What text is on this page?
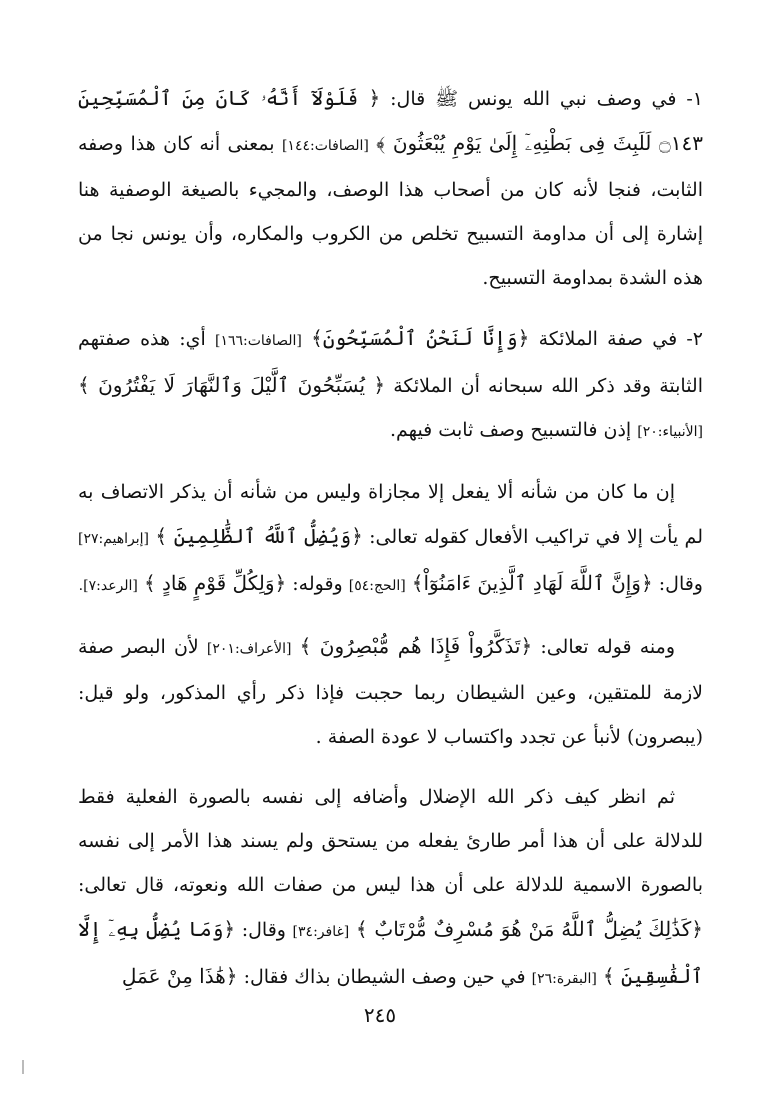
١- في وصف نبي الله يونس ﷺ قال: ﴿ فَلَوْلَآ أَنَّهُۥ كَانَ مِنَ ٱلْمُسَبِّحِينَ ۝١٤٣ لَلَبِثَ فِى بَطْنِهِۦٓ إِلَىٰ يَوْمِ يُبْعَثُونَ ﴾ [الصافات:١٤٤] بمعنى أنه كان هذا وصفه الثابت، فنجا لأنه كان من أصحاب هذا الوصف، والمجيء بالصيغة الوصفية هنا إشارة إلى أن مداومة التسبيح تخلص من الكروب والمكاره، وأن يونس نجا من هذه الشدة بمداومة التسبيح.

٢- في صفة الملائكة ﴿وَإِنَّا لَنَحْنُ ٱلْمُسَبِّحُونَ﴾ [الصافات:١٦٦] أي: هذه صفتهم الثابتة وقد ذكر الله سبحانه أن الملائكة ﴿ يُسَبِّحُونَ ٱلَّيْلَ وَٱلنَّهَارَ لَا يَفْتُرُونَ ﴾ [الأنبياء:٢٠] إذن فالتسبيح وصف ثابت فيهم.

إن ما كان من شأنه ألا يفعل إلا مجازاة وليس من شأنه أن يذكر الاتصاف به لم يأت إلا في تراكيب الأفعال كقوله تعالى: ﴿وَيُضِلُّ ٱللَّهُ ٱلظَّٰلِمِينَ ﴾ [إبراهيم:٢٧] وقال: ﴿وَإِنَّ ٱللَّهَ لَهَادِ ٱلَّذِينَ ءَامَنُوٓاْ﴾ [الحج:٥٤] وقوله: ﴿وَلِكُلِّ قَوْمٍ هَادٍ ﴾ [الرعد:٧].

ومنه قوله تعالى: ﴿تَذَكَّرُواْ فَإِذَا هُم مُّبْصِرُونَ ﴾ [الأعراف:٢٠١] لأن البصر صفة لازمة للمتقين، وعين الشيطان ربما حجبت فإذا ذكر رأي المذكور، ولو قيل: (يبصرون) لأنبأ عن تجدد واكتساب لا عودة الصفة .

ثم انظر كيف ذكر الله الإضلال وأضافه إلى نفسه بالصورة الفعلية فقط للدلالة على أن هذا أمر طارئ يفعله من يستحق ولم يسند هذا الأمر إلى نفسه بالصورة الاسمية للدلالة على أن هذا ليس من صفات الله ونعوته، قال تعالى: ﴿كَذَٰلِكَ يُضِلُّ ٱللَّهُ مَنْ هُوَ مُسْرِفٌ مُّرْتَابٌ ﴾ [غافر:٣٤] وقال: ﴿وَمَا يُضِلُّ بِهِۦٓ إِلَّا ٱلْفَٰسِقِينَ ﴾ [البقرة:٢٦] في حين وصف الشيطان بذاك فقال: ﴿هَٰذَا مِنْ عَمَلِ

٢٤٥
